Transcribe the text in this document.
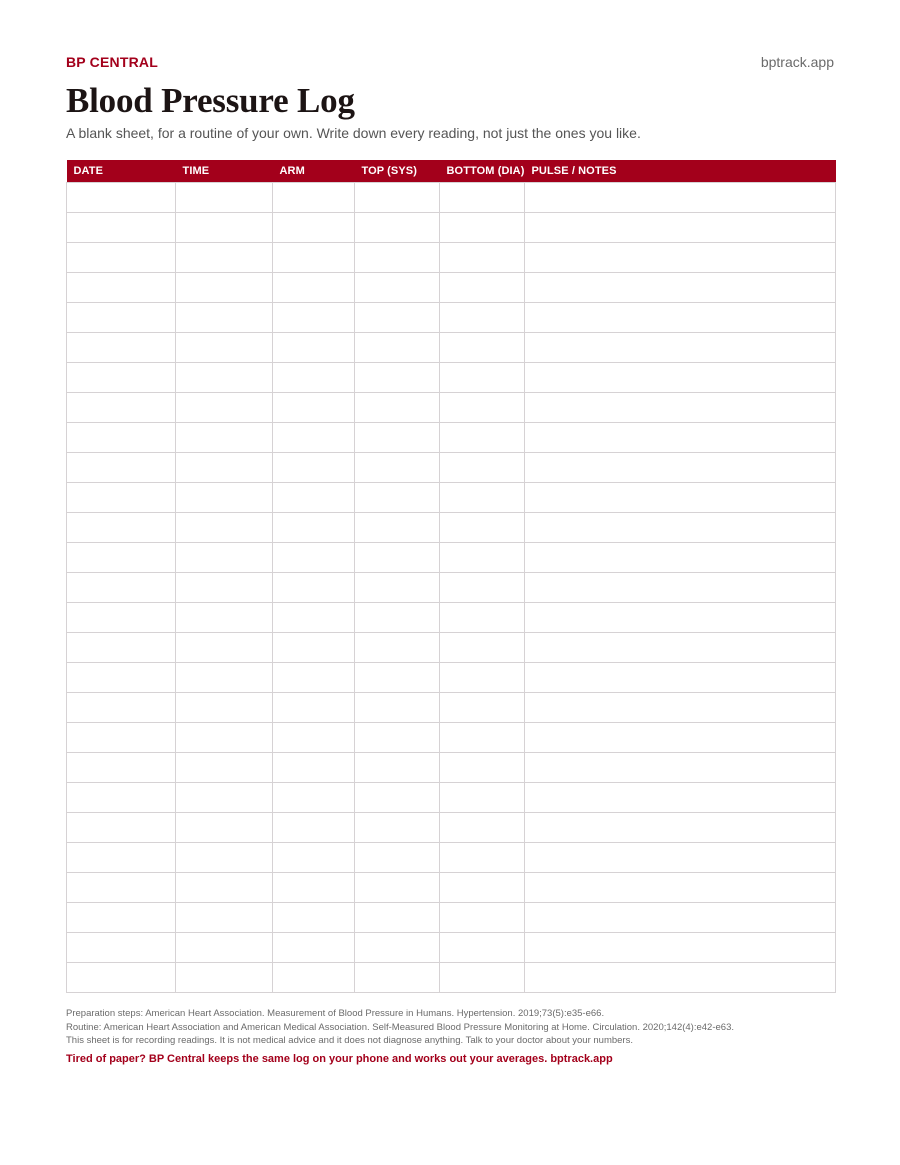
BP CENTRAL	bptrack.app
Blood Pressure Log
A blank sheet, for a routine of your own. Write down every reading, not just the ones you like.
DATE	TIME	ARM	TOP (SYS)	BOTTOM (DIA)	PULSE / NOTES

Preparation steps: American Heart Association. Measurement of Blood Pressure in Humans. Hypertension. 2019;73(5):e35-e66.
Routine: American Heart Association and American Medical Association. Self-Measured Blood Pressure Monitoring at Home. Circulation. 2020;142(4):e42-e63.
This sheet is for recording readings. It is not medical advice and it does not diagnose anything. Talk to your doctor about your numbers.
Tired of paper? BP Central keeps the same log on your phone and works out your averages. bptrack.app
